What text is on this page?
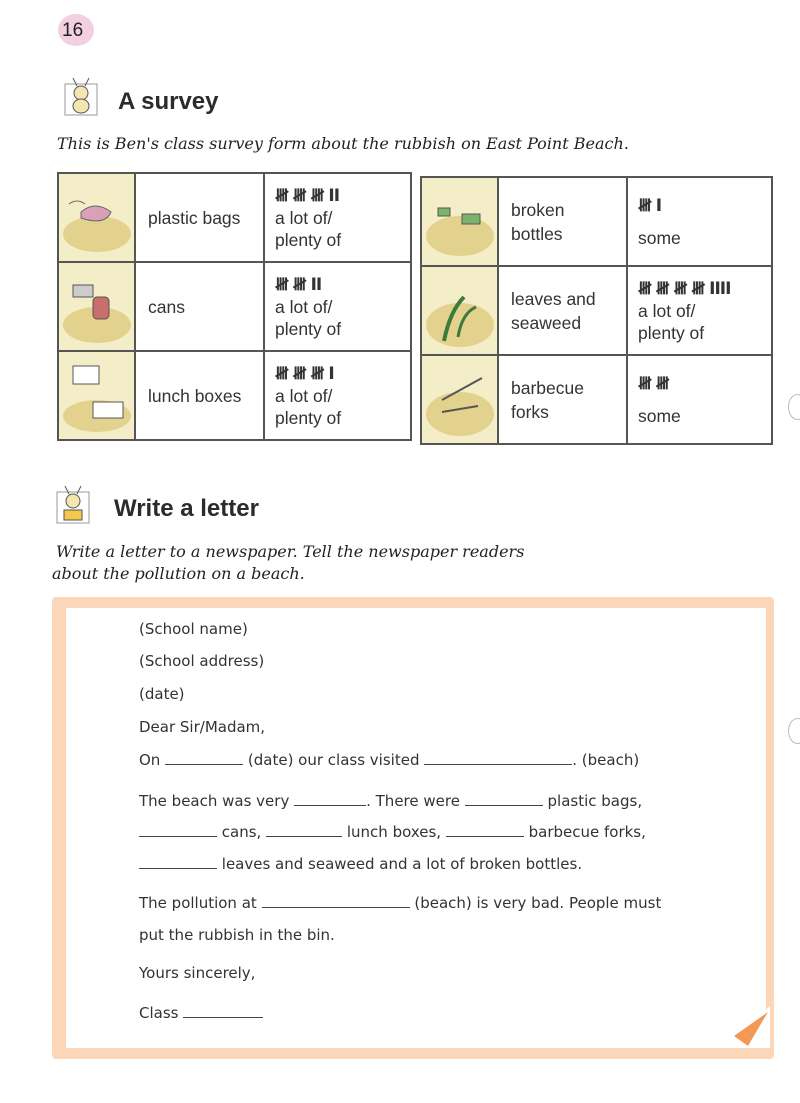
16
A survey
This is Ben's class survey form about the rubbish on East Point Beach.
	plastic bags	𝍸 𝍸 𝍸 II
a lot of/
plenty of

	cans	𝍸 𝍸 II
a lot of/
plenty of

	lunch boxes	𝍸 𝍸 𝍸 I
a lot of/
plenty of
	broken
bottles	𝍸 I
some

	leaves and
seaweed	𝍸 𝍸 𝍸 𝍸 IIII
a lot of/
plenty of

	barbecue
forks	𝍸 𝍸
some
Write a letter
Write a letter to a newspaper. Tell the newspaper readers
about the pollution on a beach.
(School name)
(School address)
(date)
Dear Sir/Madam,
On	(date) our class visited	. (beach)
The beach was very	. There were	plastic bags,
cans,	lunch boxes,	barbecue forks,
leaves and seaweed and a lot of broken bottles.
The pollution at	(beach) is very bad. People must
put the rubbish in the bin.
Yours sincerely,
Class
